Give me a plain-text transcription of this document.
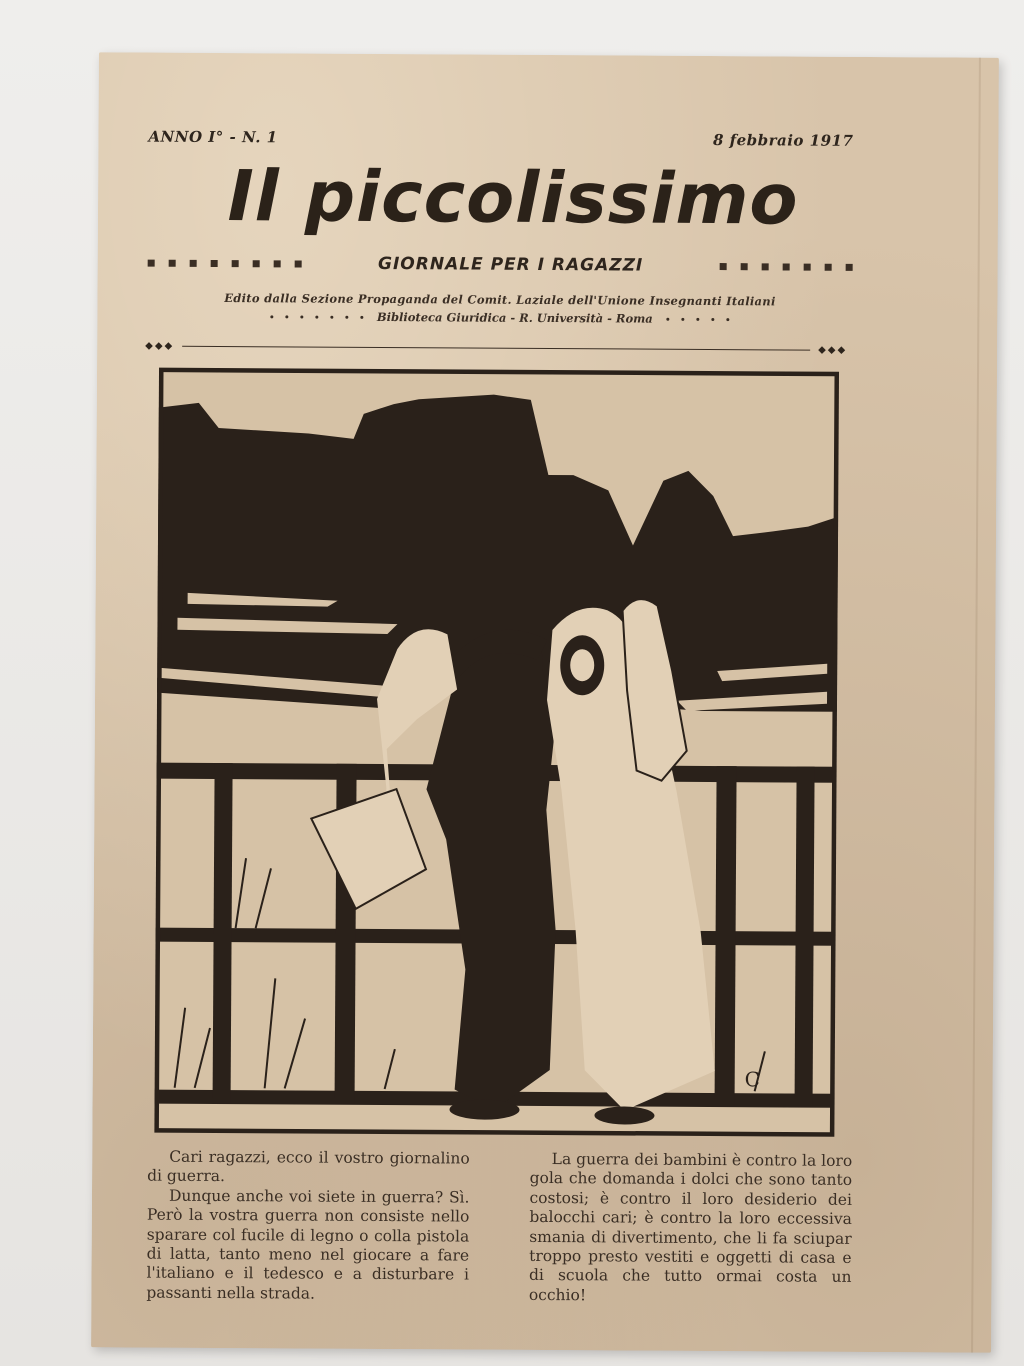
ANNO I° - N. 1	8 febbraio 1917
Il piccolissimo
GIORNALE PER I RAGAZZI
Edito dalla Sezione Propaganda del Comit. Laziale dell'Unione Insegnanti Italiani
Biblioteca Giuridica - R. Università - Roma
◆◆◆	◆◆◆
C

Cari ragazzi, ecco il vostro giornalino di guerra.

Dunque anche voi siete in guerra? Sì. Però la vostra guerra non consiste nello sparare col fucile di legno o colla pistola di latta, tanto meno nel giocare a fare l'italiano e il tedesco e a disturbare i passanti nella strada.

La guerra dei bambini è contro la loro gola che domanda i dolci che sono tanto costosi; è contro il loro desiderio dei balocchi cari; è contro la loro eccessiva smania di divertimento, che li fa sciupar troppo presto vestiti e oggetti di casa e di scuola che tutto ormai costa un occhio!
